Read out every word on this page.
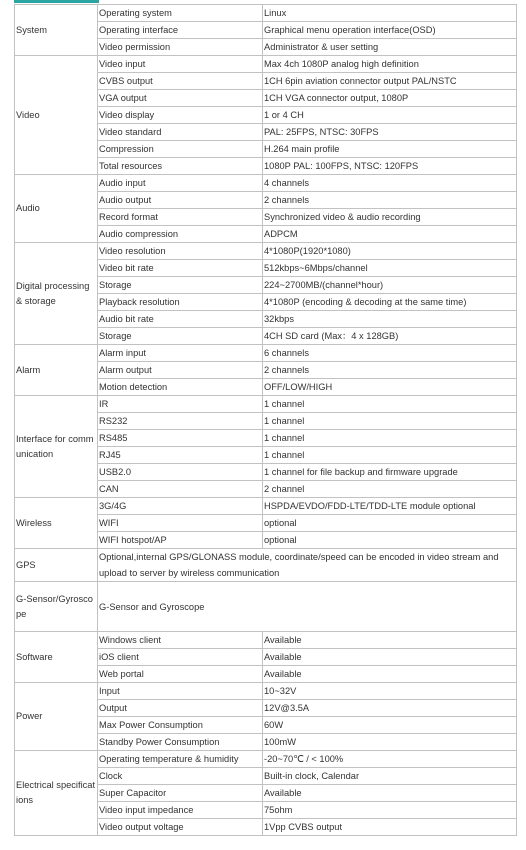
System	Operating system	Linux
	Operating interface	Graphical menu operation interface(OSD)
	Video permission	Administrator & user setting
Video	Video input	Max 4ch 1080P analog high definition
	CVBS output	1CH 6pin aviation connector output PAL/NSTC
	VGA output	1CH VGA connector output, 1080P
	Video display	1 or 4 CH
	Video standard	PAL: 25FPS, NTSC: 30FPS
	Compression	H.264 main profile
	Total resources	1080P PAL: 100FPS, NTSC: 120FPS
Audio	Audio input	4 channels
	Audio output	2 channels
	Record format	Synchronized video & audio recording
	Audio compression	ADPCM
Digital processing & storage	Video resolution	4*1080P(1920*1080)
	Video bit rate	512kbps~6Mbps/channel
	Storage	224~2700MB/(channel*hour)
	Playback resolution	4*1080P (encoding & decoding at the same time)
	Audio bit rate	32kbps
	Storage	4CH SD card (Max：4 x 128GB)
Alarm	Alarm input	6 channels
	Alarm output	2 channels
	Motion detection	OFF/LOW/HIGH
Interface for communication	IR	1 channel
	RS232	1 channel
	RS485	1 channel
	RJ45	1 channel
	USB2.0	1 channel for file backup and firmware upgrade
	CAN	2 channel
Wireless	3G/4G	HSPDA/EVDO/FDD-LTE/TDD-LTE module optional
	WIFI	optional
	WIFI hotspot/AP	optional
GPS	Optional,internal GPS/GLONASS module, coordinate/speed can be encoded in video stream and upload to server by wireless communication	
G-Sensor/Gyroscope	G-Sensor and Gyroscope	
Software	Windows client	Available
	iOS client	Available
	Web portal	Available
Power	Input	10~32V
	Output	12V@3.5A
	Max Power Consumption	60W
	Standby Power Consumption	100mW
Electrical specifications	Operating temperature & humidity	-20~70℃ / < 100%
	Clock	Built-in clock, Calendar
	Super Capacitor	Available
	Video input impedance	75ohm
	Video output voltage	1Vpp CVBS output
